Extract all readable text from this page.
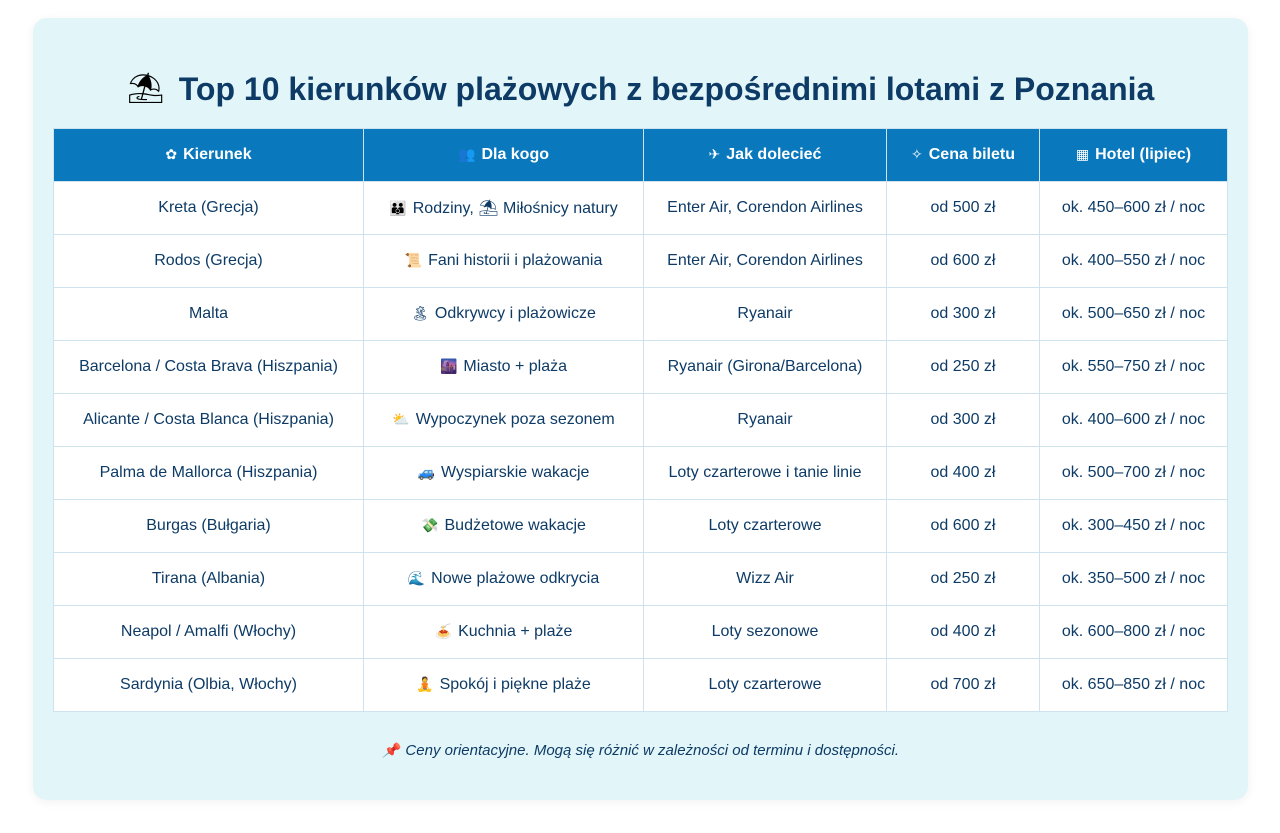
⛱ Top 10 kierunków plażowych z bezpośrednimi lotami z Poznania
✿ Kierunek	👥 Dla kogo	✈ Jak dolecieć	✧ Cena biletu	▦ Hotel (lipiec)
Kreta (Grecja)	👪 Rodziny, ⛱ Miłośnicy natury	Enter Air, Corendon Airlines	od 500 zł	ok. 450–600 zł / noc
Rodos (Grecja)	📜 Fani historii i plażowania	Enter Air, Corendon Airlines	od 600 zł	ok. 400–550 zł / noc
Malta	🏝 Odkrywcy i plażowicze	Ryanair	od 300 zł	ok. 500–650 zł / noc
Barcelona / Costa Brava (Hiszpania)	🌆 Miasto + plaża	Ryanair (Girona/Barcelona)	od 250 zł	ok. 550–750 zł / noc
Alicante / Costa Blanca (Hiszpania)	⛅ Wypoczynek poza sezonem	Ryanair	od 300 zł	ok. 400–600 zł / noc
Palma de Mallorca (Hiszpania)	🚙 Wyspiarskie wakacje	Loty czarterowe i tanie linie	od 400 zł	ok. 500–700 zł / noc
Burgas (Bułgaria)	💸 Budżetowe wakacje	Loty czarterowe	od 600 zł	ok. 300–450 zł / noc
Tirana (Albania)	🌊 Nowe plażowe odkrycia	Wizz Air	od 250 zł	ok. 350–500 zł / noc
Neapol / Amalfi (Włochy)	🍝 Kuchnia + plaże	Loty sezonowe	od 400 zł	ok. 600–800 zł / noc
Sardynia (Olbia, Włochy)	🧘 Spokój i piękne plaże	Loty czarterowe	od 700 zł	ok. 650–850 zł / noc
📌 Ceny orientacyjne. Mogą się różnić w zależności od terminu i dostępności.
